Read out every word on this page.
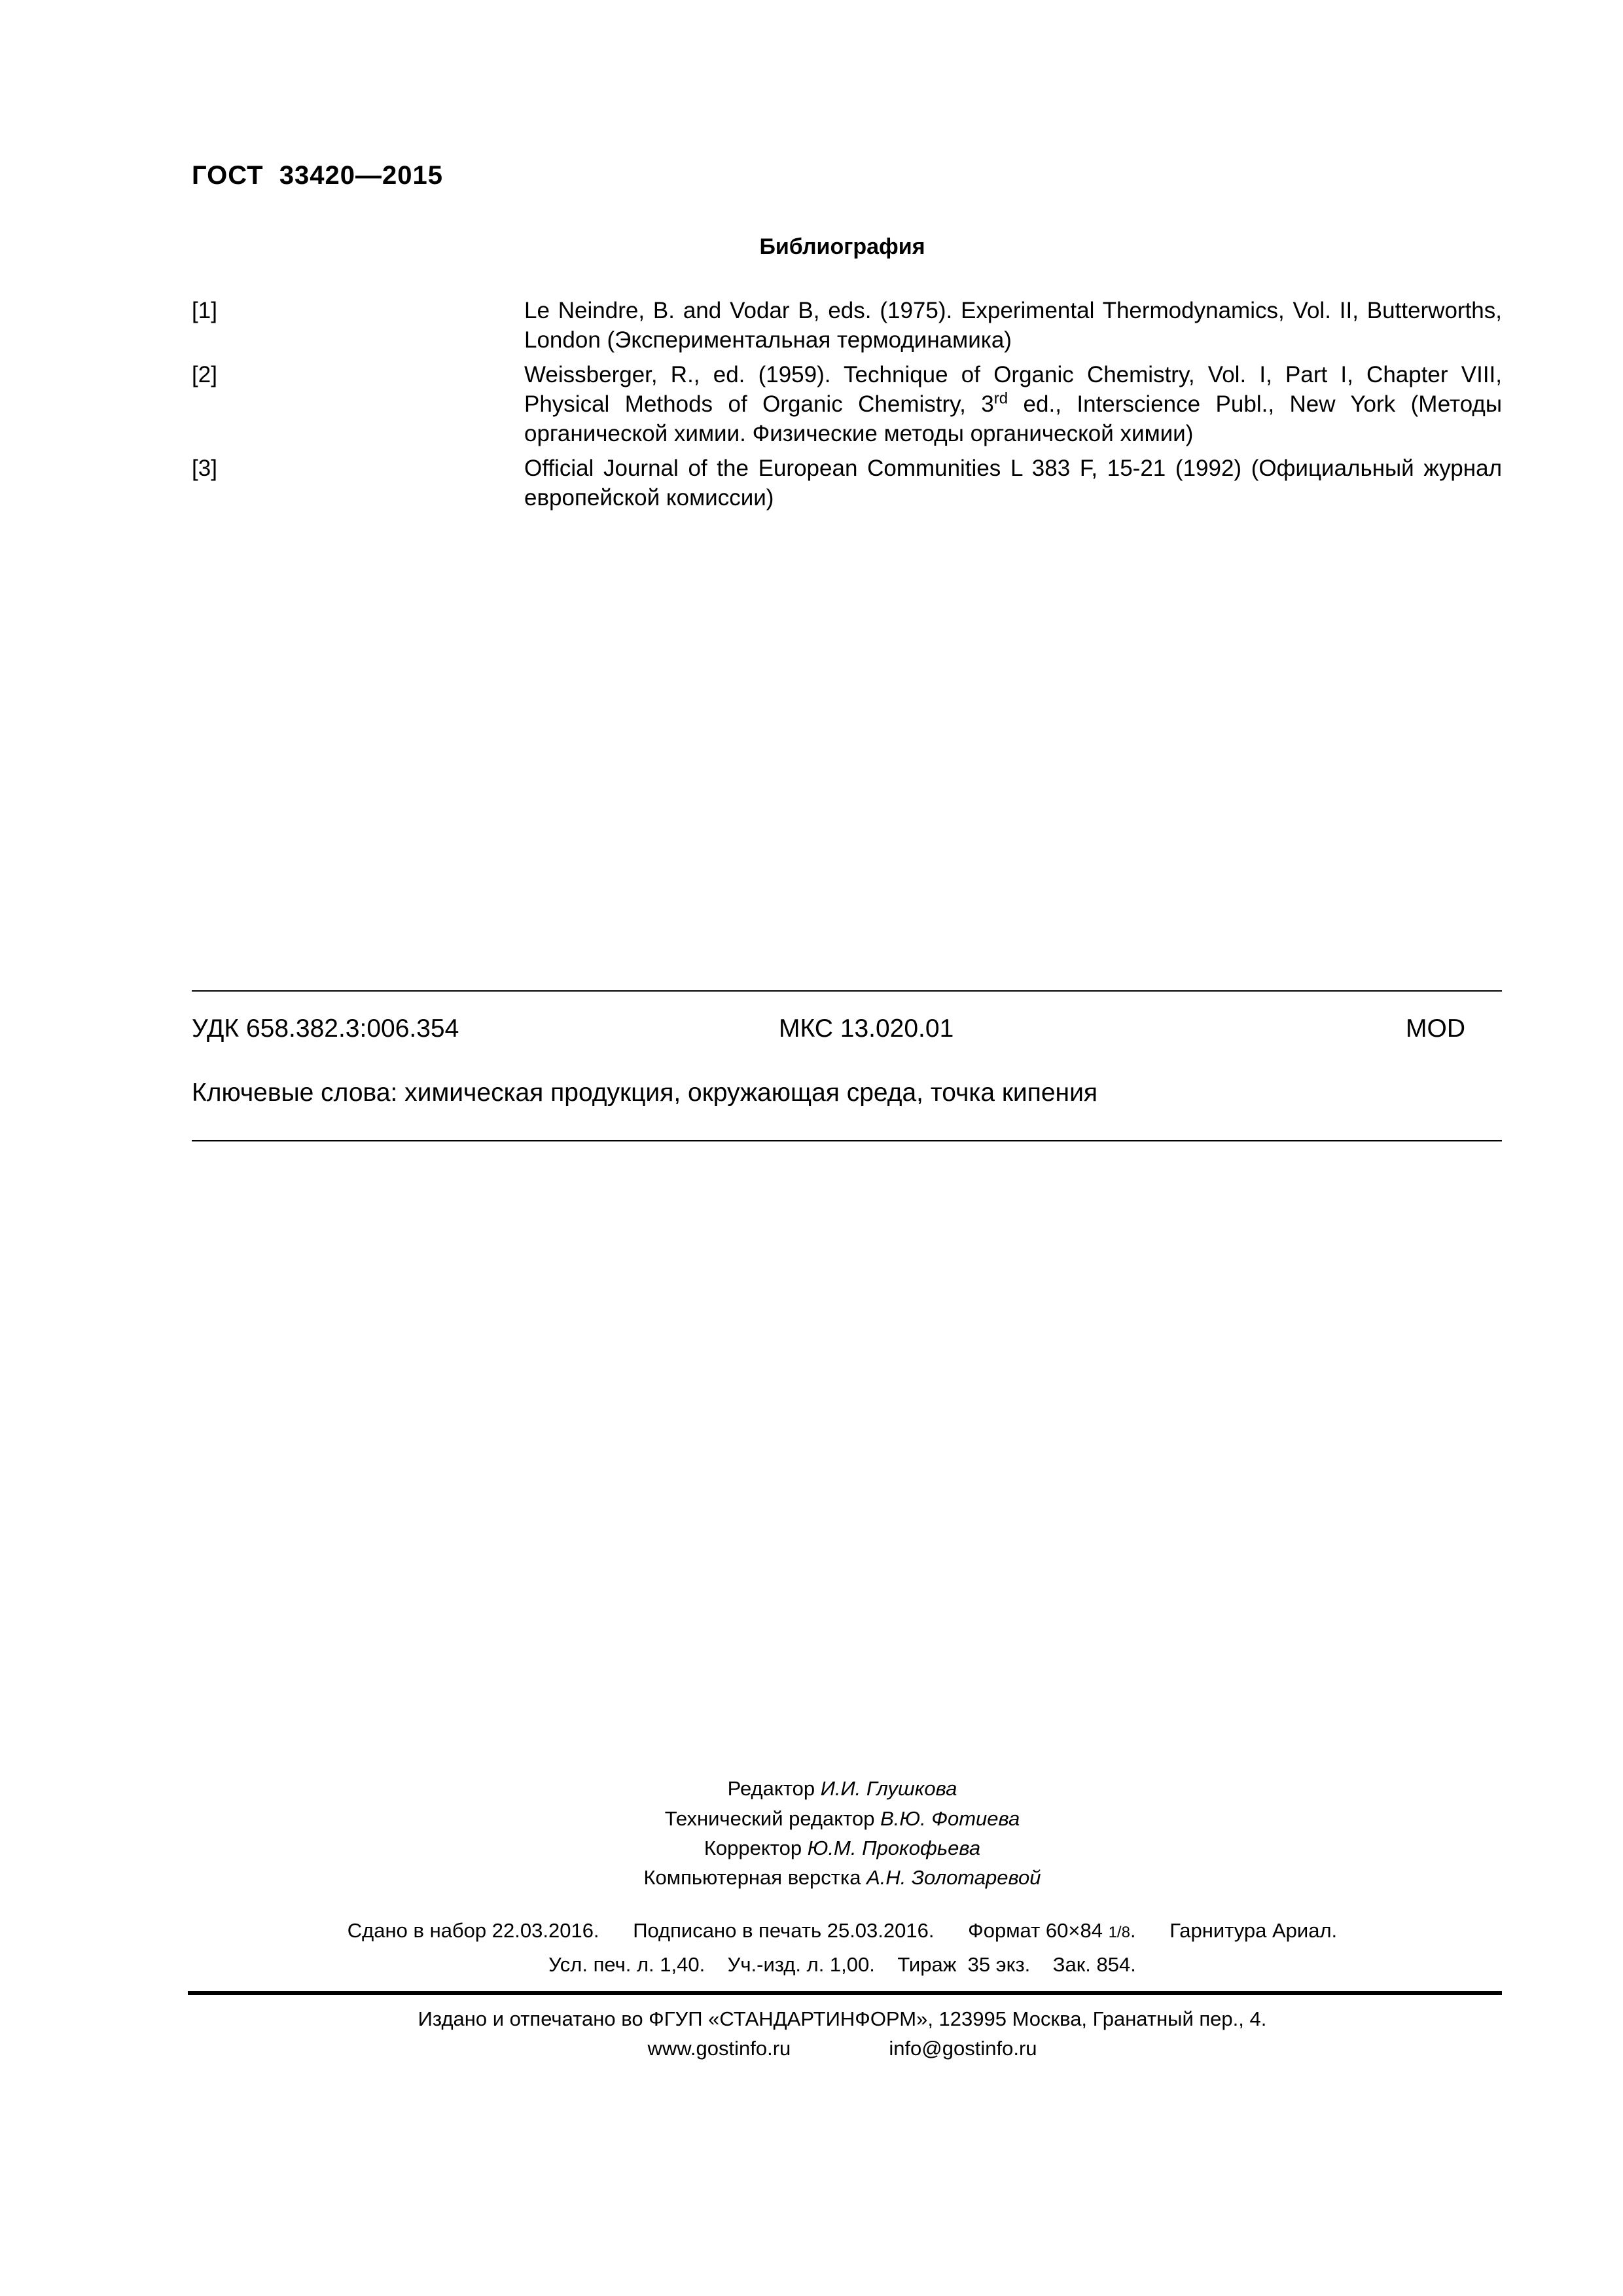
ГОСТ  33420—2015
Библиография
[1]	Le Neindre, B. and Vodar B, eds. (1975). Experimental Thermodynamics, Vol. II, Butterworths, London (Экспериментальная термодинамика)
[2]	Weissberger, R., ed. (1959). Technique of Organic Chemistry, Vol. I, Part I, Chapter VIII, Physical Methods of Organic Chemistry, 3rd ed., Interscience Publ., New York (Методы органической химии. Физические методы органической химии)
[3]	Official Journal of the European Communities L 383 F, 15-21 (1992) (Официальный журнал европейской комиссии)
УДК 658.382.3:006.354	МКС 13.020.01	MOD
Ключевые слова: химическая продукция, окружающая среда, точка кипения
Редактор И.И. Глушкова
Технический редактор В.Ю. Фотиева
Корректор Ю.М. Прокофьева
Компьютерная верстка А.Н. Золотаревой
Сдано в набор 22.03.2016.      Подписано в печать 25.03.2016.      Формат 60×84 1/8.      Гарнитура Ариал.
Усл. печ. л. 1,40.    Уч.-изд. л. 1,00.    Тираж  35 экз.    Зак. 854.
Издано и отпечатано во ФГУП «СТАНДАРТИНФОРМ», 123995 Москва, Гранатный пер., 4.
www.gostinfo.ru	info@gostinfo.ru
